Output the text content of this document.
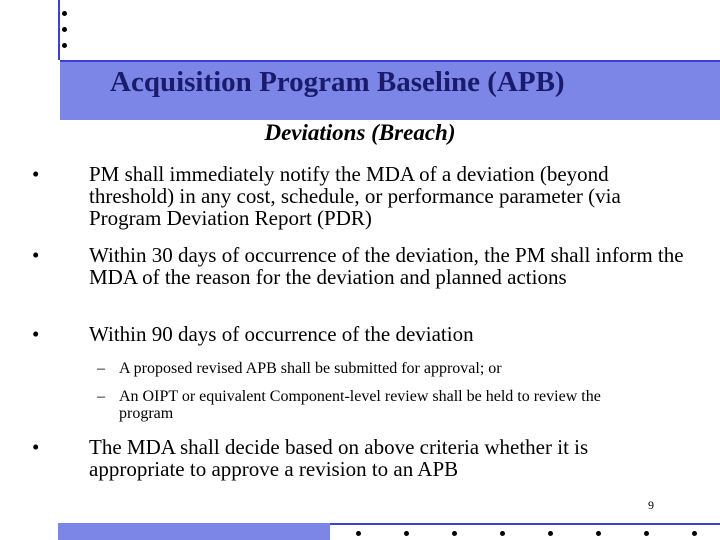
Acquisition Program Baseline (APB)
Deviations (Breach)
• PM shall immediately notify the MDA of a deviation (beyond threshold) in any cost, schedule, or performance parameter (via Program Deviation Report (PDR)
• Within 30 days of occurrence of the deviation, the PM shall inform the MDA of the reason for the deviation and planned actions
• Within 90 days of occurrence of the deviation
– A proposed revised APB shall be submitted for approval; or
– An OIPT or equivalent Component-level review shall be held to review the program
• The MDA shall decide based on above criteria whether it is appropriate to approve a revision to an APB
9
